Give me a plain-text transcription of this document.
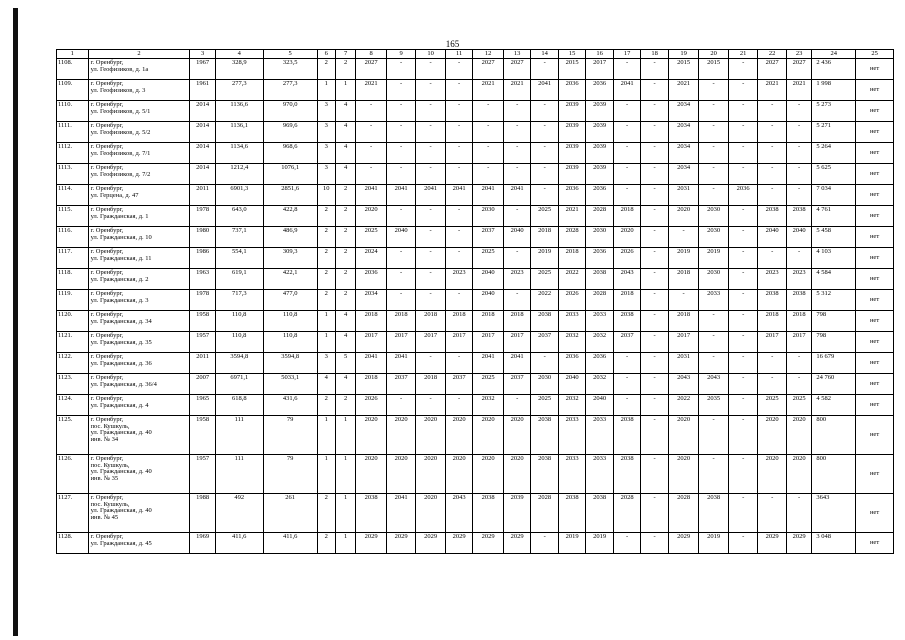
165
1	2	3	4	5	6	7	8	9	10	11	12	13	14	15	16	17	18	19	20	21	22	23	24	25
1108.	г. Оренбург,
ул. Геофизиков, д. 1а	1967	328,9	323,5	2	2	2027	-	-	-	2027	2027	-	2015	2017	-	-	2015	2015	-	2027	2027	2 436	нет
1109.	г. Оренбург,
ул. Геофизиков, д. 3	1961	277,3	277,3	1	1	2021	-	-	-	2021	2021	2041	2036	2036	2041	-	2021	-	-	2021	2021	1 998	нет
1110.	г. Оренбург,
ул. Геофизиков, д. 5/1	2014	1136,6	970,0	3	4	-	-	-	-	-	-	-	2039	2039	-	-	2034	-	-	-	-	5 273	нет
1111.	г. Оренбург,
ул. Геофизиков, д. 5/2	2014	1136,1	969,6	3	4	-	-	-	-	-	-	-	2039	2039	-	-	2034	-	-	-	-	5 271	нет
1112.	г. Оренбург,
ул. Геофизиков, д. 7/1	2014	1134,6	968,6	3	4	-	-	-	-	-	-	-	2039	2039	-	-	2034	-	-	-	-	5 264	нет
1113.	г. Оренбург,
ул. Геофизиков, д. 7/2	2014	1212,4	1076,1	3	4	-	-	-	-	-	-	-	2039	2039	-	-	2034	-	-	-	-	5 625	нет
1114.	г. Оренбург,
ул. Герцена, д. 47	2011	6901,3	2851,6	10	2	2041	2041	2041	2041	2041	2041	-	2036	2036	-	-	2031	-	2036	-	-	7 034	нет
1115.	г. Оренбург,
ул. Гражданская, д. 1	1978	643,0	422,8	2	2	2020	-	-	-	2030	-	2025	2021	2028	2018	-	2020	2030	-	2038	2038	4 761	нет
1116.	г. Оренбург,
ул. Гражданская, д. 10	1980	737,1	486,9	2	2	2025	2040	-	-	2037	2040	2018	2028	2030	2020	-	-	2030	-	2040	2040	5 458	нет
1117.	г. Оренбург,
ул. Гражданская, д. 11	1986	554,1	309,3	2	2	2024	-	-	-	2025	-	2019	2018	2036	2026	-	2019	2019	-	-	-	4 103	нет
1118.	г. Оренбург,
ул. Гражданская, д. 2	1963	619,1	422,1	2	2	2036	-	-	2023	2040	2023	2025	2022	2038	2043	-	2018	2030	-	2023	2023	4 584	нет
1119.	г. Оренбург,
ул. Гражданская, д. 3	1978	717,3	477,0	2	2	2034	-	-	-	2040	-	2022	2026	2028	2018	-	-	2033	-	2038	2038	5 312	нет
1120.	г. Оренбург,
ул. Гражданская, д. 34	1958	110,8	110,8	1	4	2018	2018	2018	2018	2018	2018	2038	2033	2033	2038	-	2018	-	-	2018	2018	798	нет
1121.	г. Оренбург,
ул. Гражданская, д. 35	1957	110,8	110,8	1	4	2017	2017	2017	2017	2017	2017	2037	2032	2032	2037	-	2017	-	-	2017	2017	798	нет
1122.	г. Оренбург,
ул. Гражданская, д. 36	2011	3594,8	3594,8	3	5	2041	2041	-	-	2041	2041	-	2036	2036	-	-	2031	-	-	-	-	16 679	нет
1123.	г. Оренбург,
ул. Гражданская, д. 36/4	2007	6971,1	5033,1	4	4	2018	2037	2018	2037	2025	2037	2030	2040	2032	-	-	2043	2043	-	-	-	24 760	нет
1124.	г. Оренбург,
ул. Гражданская, д. 4	1965	618,8	431,6	2	2	2026	-	-	-	2032	-	2025	2032	2040	-	-	2022	2035	-	2025	2025	4 582	нет
1125.	г. Оренбург,
пос. Кушкуль,
ул. Гражданская, д. 40
инв. № 34	1958	111	79	1	1	2020	2020	2020	2020	2020	2020	2038	2033	2033	2038	-	2020	-	-	2020	2020	800	нет
1126.	г. Оренбург,
пос. Кушкуль,
ул. Гражданская, д. 40
инв. № 35	1957	111	79	1	1	2020	2020	2020	2020	2020	2020	2038	2033	2033	2038	-	2020	-	-	2020	2020	800	нет
1127.	г. Оренбург,
пос. Кушкуль,
ул. Гражданская, д. 40
инв. № 45	1988	492	261	2	1	2038	2041	2020	2043	2038	2039	2028	2038	2038	2028	-	2028	2038	-	-	-	3643	нет
1128.	г. Оренбург,
ул. Гражданская, д. 45	1969	411,6	411,6	2	1	2029	2029	2029	2029	2029	2029	-	2019	2019	-	-	2029	2019	-	2029	2029	3 048	нет
